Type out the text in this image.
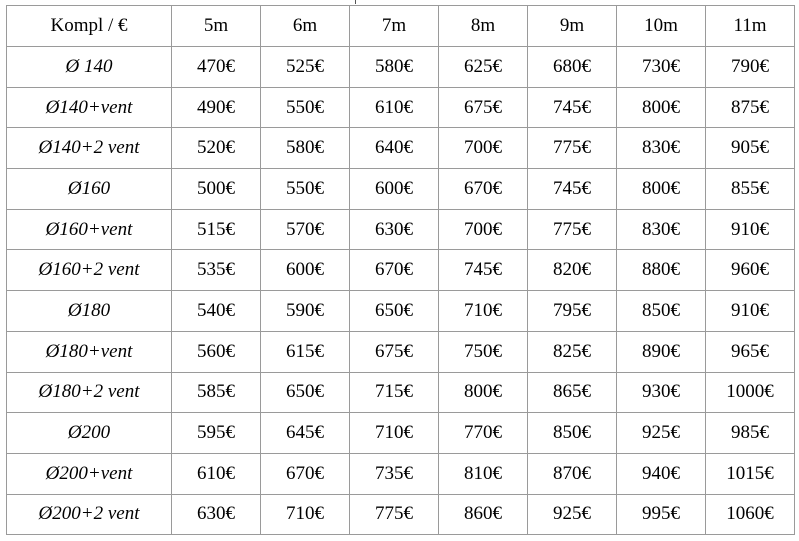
Kompl / €	5m	6m	7m	8m	9m	10m	11m
Ø 140	470€	525€	580€	625€	680€	730€	790€
Ø140+vent	490€	550€	610€	675€	745€	800€	875€
Ø140+2 vent	520€	580€	640€	700€	775€	830€	905€
Ø160	500€	550€	600€	670€	745€	800€	855€
Ø160+vent	515€	570€	630€	700€	775€	830€	910€
Ø160+2 vent	535€	600€	670€	745€	820€	880€	960€
Ø180	540€	590€	650€	710€	795€	850€	910€
Ø180+vent	560€	615€	675€	750€	825€	890€	965€
Ø180+2 vent	585€	650€	715€	800€	865€	930€	1000€
Ø200	595€	645€	710€	770€	850€	925€	985€
Ø200+vent	610€	670€	735€	810€	870€	940€	1015€
Ø200+2 vent	630€	710€	775€	860€	925€	995€	1060€
